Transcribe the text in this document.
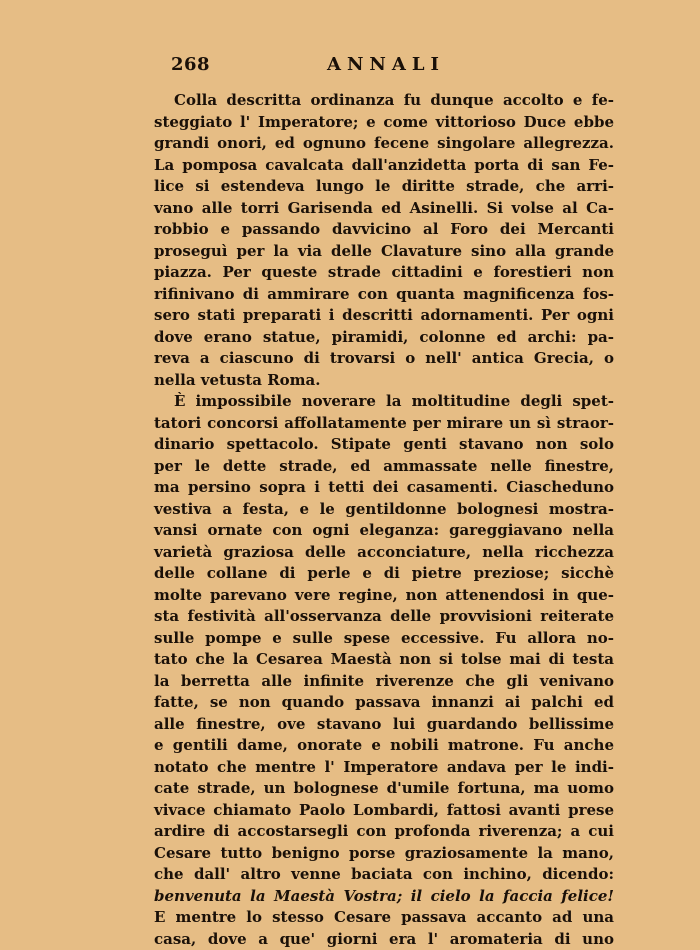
268	ANNALI
Colla descritta ordinanza fu dunque accolto e fe-
steggiato l' Imperatore; e come vittorioso Duce ebbe
grandi onori, ed ognuno fecene singolare allegrezza.
La pomposa cavalcata dall'anzidetta porta di san Fe-
lice si estendeva lungo le diritte strade, che arri-
vano alle torri Garisenda ed Asinelli. Si volse al Ca-
robbio e passando davvicino al Foro dei Mercanti
proseguì per la via delle Clavature sino alla grande
piazza. Per queste strade cittadini e forestieri non
rifinivano di ammirare con quanta magnificenza fos-
sero stati preparati i descritti adornamenti. Per ogni
dove erano statue, piramidi, colonne ed archi: pa-
reva a ciascuno di trovarsi o nell' antica Grecia, o
nella vetusta Roma.
È impossibile noverare la moltitudine degli spet-
tatori concorsi affollatamente per mirare un sì straor-
dinario spettacolo. Stipate genti stavano non solo
per le dette strade, ed ammassate nelle finestre,
ma persino sopra i tetti dei casamenti. Ciascheduno
vestiva a festa, e le gentildonne bolognesi mostra-
vansi ornate con ogni eleganza: gareggiavano nella
varietà graziosa delle acconciature, nella ricchezza
delle collane di perle e di pietre preziose; sicchè
molte parevano vere regine, non attenendosi in que-
sta festività all'osservanza delle provvisioni reiterate
sulle pompe e sulle spese eccessive. Fu allora no-
tato che la Cesarea Maestà non si tolse mai di testa
la berretta alle infinite riverenze che gli venivano
fatte, se non quando passava innanzi ai palchi ed
alle finestre, ove stavano lui guardando bellissime
e gentili dame, onorate e nobili matrone. Fu anche
notato che mentre l' Imperatore andava per le indi-
cate strade, un bolognese d'umile fortuna, ma uomo
vivace chiamato Paolo Lombardi, fattosi avanti prese
ardire di accostarsegli con profonda riverenza; a cui
Cesare tutto benigno porse graziosamente la mano,
che dall' altro venne baciata con inchino, dicendo:
benvenuta la Maestà Vostra; il cielo la faccia felice!
E mentre lo stesso Cesare passava accanto ad una
casa, dove a que' giorni era l' aromateria di uno
